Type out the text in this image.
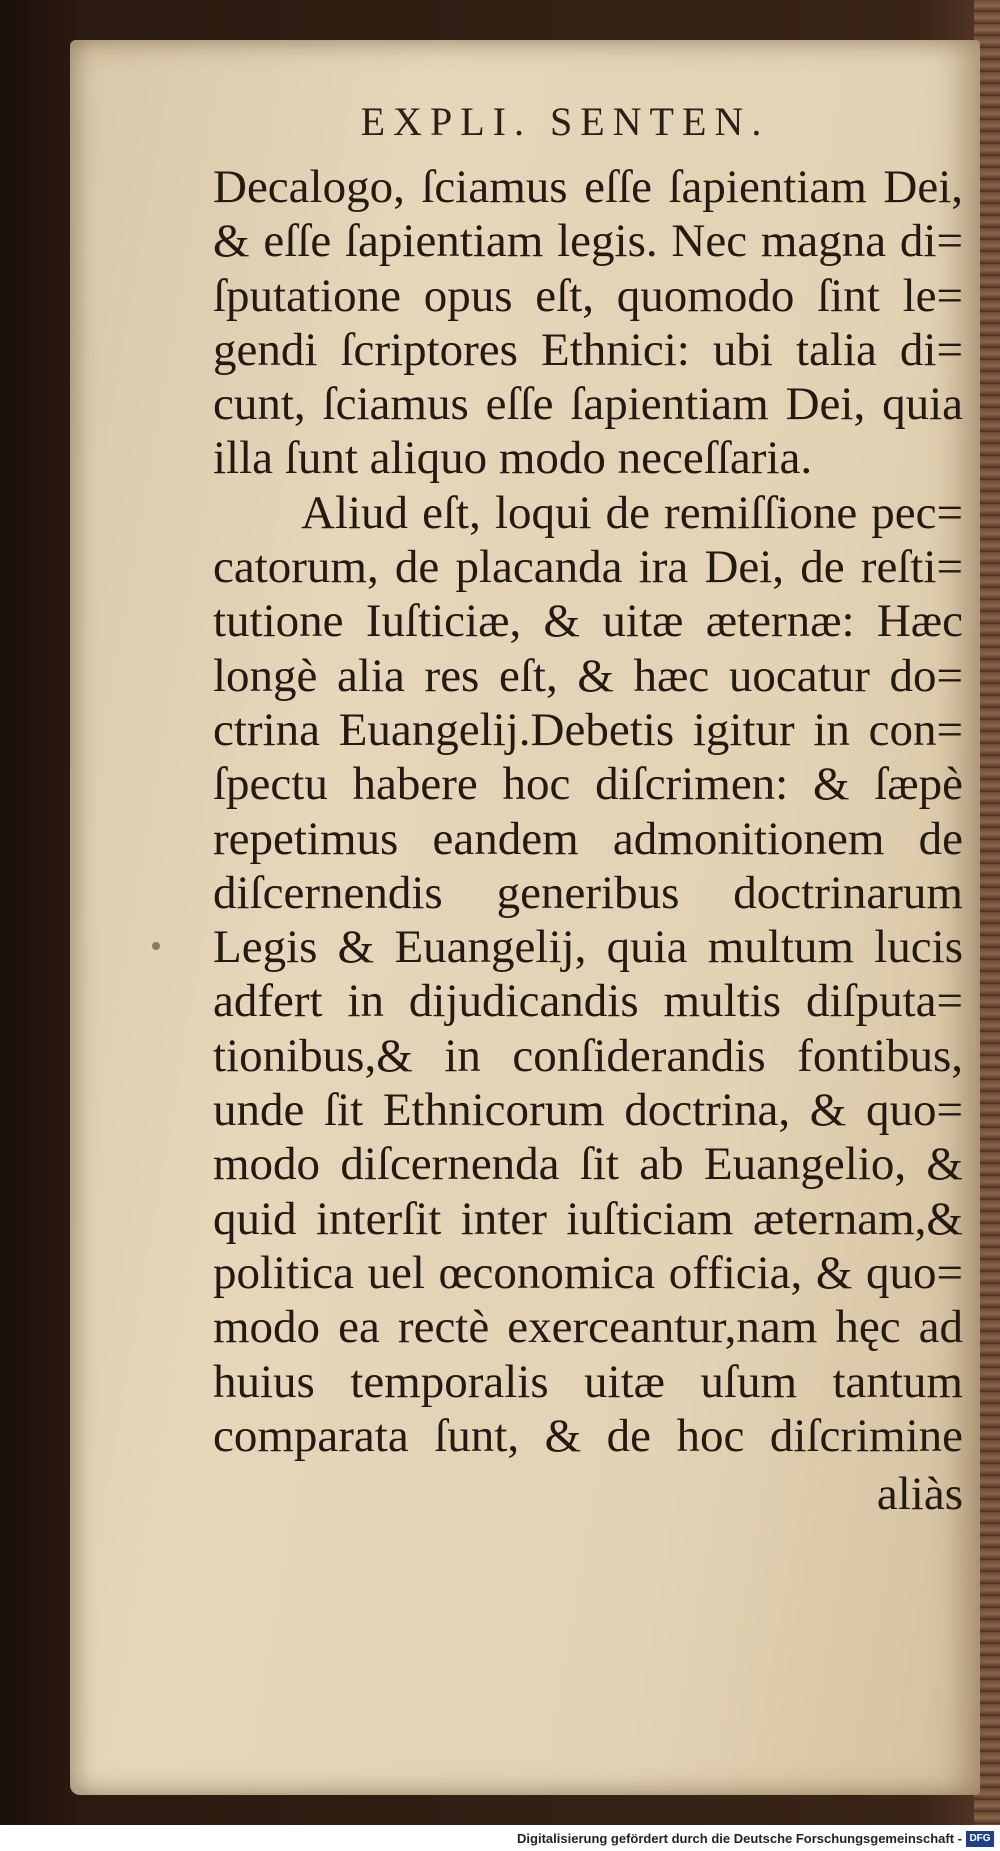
EXPLI. SENTEN.
Decalogo, ſciamus eſſe ſapientiam Dei,
& eſſe ſapientiam legis. Nec magna di=
ſputatione opus eſt, quomodo ſint le=
gendi ſcriptores Ethnici: ubi talia di=
cunt, ſciamus eſſe ſapientiam Dei, quia
illa ſunt aliquo modo neceſſaria.
Aliud eſt, loqui de remiſſione pec=
catorum, de placanda ira Dei, de reſti=
tutione Iuſticiæ, & uitæ æternæ: Hæc
longè alia res eſt, & hæc uocatur do=
ctrina Euangelij.Debetis igitur in con=
ſpectu habere hoc diſcrimen: & ſæpè
repetimus eandem admonitionem de
diſcernendis generibus doctrinarum
Legis & Euangelij, quia multum lucis
adfert in dijudicandis multis diſputa=
tionibus,& in conſiderandis fontibus,
unde ſit Ethnicorum doctrina, & quo=
modo diſcernenda ſit ab Euangelio, &
quid interſit inter iuſticiam æternam,&
politica uel œconomica officia, & quo=
modo ea rectè exerceantur,nam hęc ad
huius temporalis uitæ uſum tantum
comparata ſunt, & de hoc diſcrimine
aliàs
Digitalisierung gefördert durch die Deutsche Forschungsgemeinschaft - DFG
